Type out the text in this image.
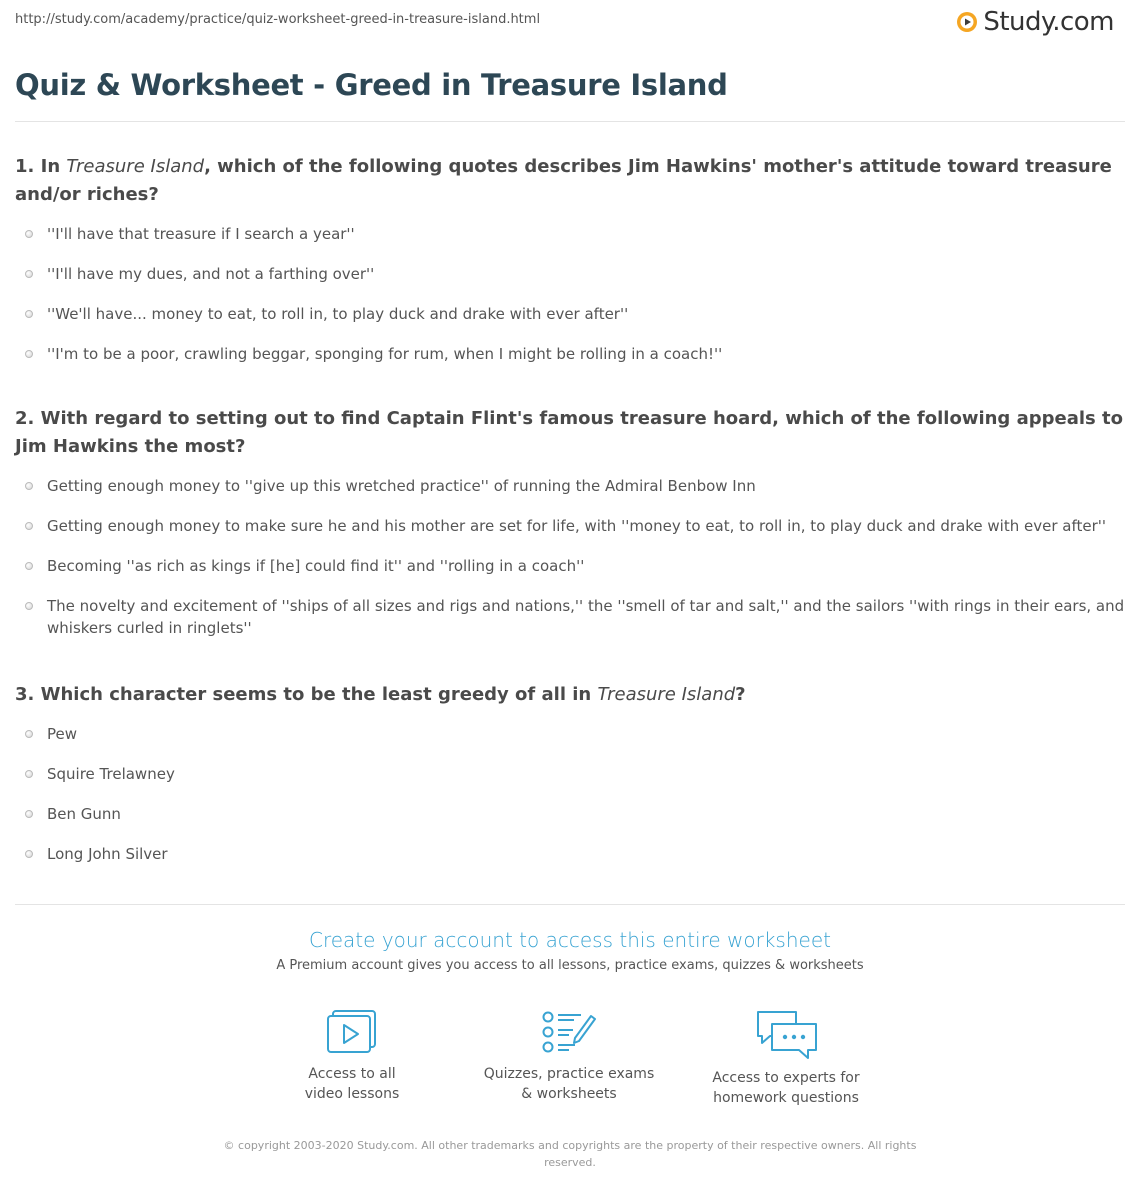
http://study.com/academy/practice/quiz-worksheet-greed-in-treasure-island.html	Study.com
Quiz & Worksheet - Greed in Treasure Island

1. In Treasure Island, which of the following quotes describes Jim Hawkins' mother's attitude toward treasure and/or riches?

''I'll have that treasure if I search a year''
''I'll have my dues, and not a farthing over''
''We'll have... money to eat, to roll in, to play duck and drake with ever after''
''I'm to be a poor, crawling beggar, sponging for rum, when I might be rolling in a coach!''

2. With regard to setting out to find Captain Flint's famous treasure hoard, which of the following appeals to Jim Hawkins the most?

Getting enough money to ''give up this wretched practice'' of running the Admiral Benbow Inn
Getting enough money to make sure he and his mother are set for life, with ''money to eat, to roll in, to play duck and drake with ever after''
Becoming ''as rich as kings if [he] could find it'' and ''rolling in a coach''
The novelty and excitement of ''ships of all sizes and rigs and nations,'' the ''smell of tar and salt,'' and the sailors ''with rings in their ears, and whiskers curled in ringlets''

3. Which character seems to be the least greedy of all in Treasure Island?

Pew
Squire Trelawney
Ben Gunn
Long John Silver
Create your account to access this entire worksheet
A Premium account gives you access to all lessons, practice exams, quizzes & worksheets
Access to all
video lessons
Quizzes, practice exams
& worksheets
Access to experts for
homework questions
© copyright 2003-2020 Study.com. All other trademarks and copyrights are the property of their respective owners. All rights reserved.
